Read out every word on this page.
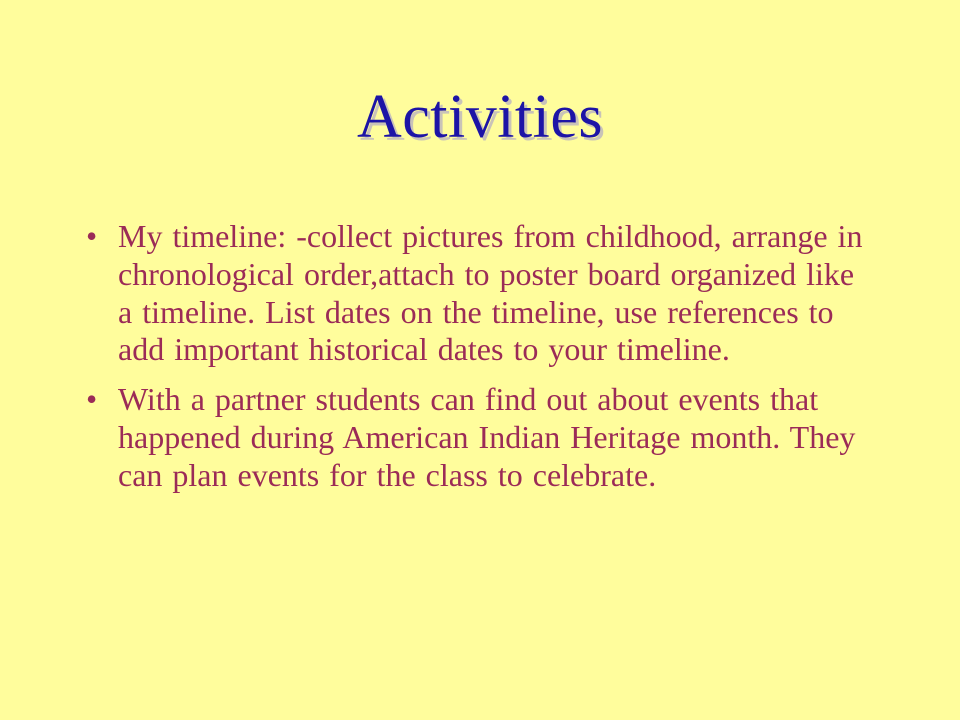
Activities
• My timeline: -collect pictures from childhood, arrange in chronological order,attach to poster board organized like a timeline. List dates on the timeline, use references to add important historical dates to your timeline.
• With a partner students can find out about events that happened during American Indian Heritage month. They can plan events for the class to celebrate.
